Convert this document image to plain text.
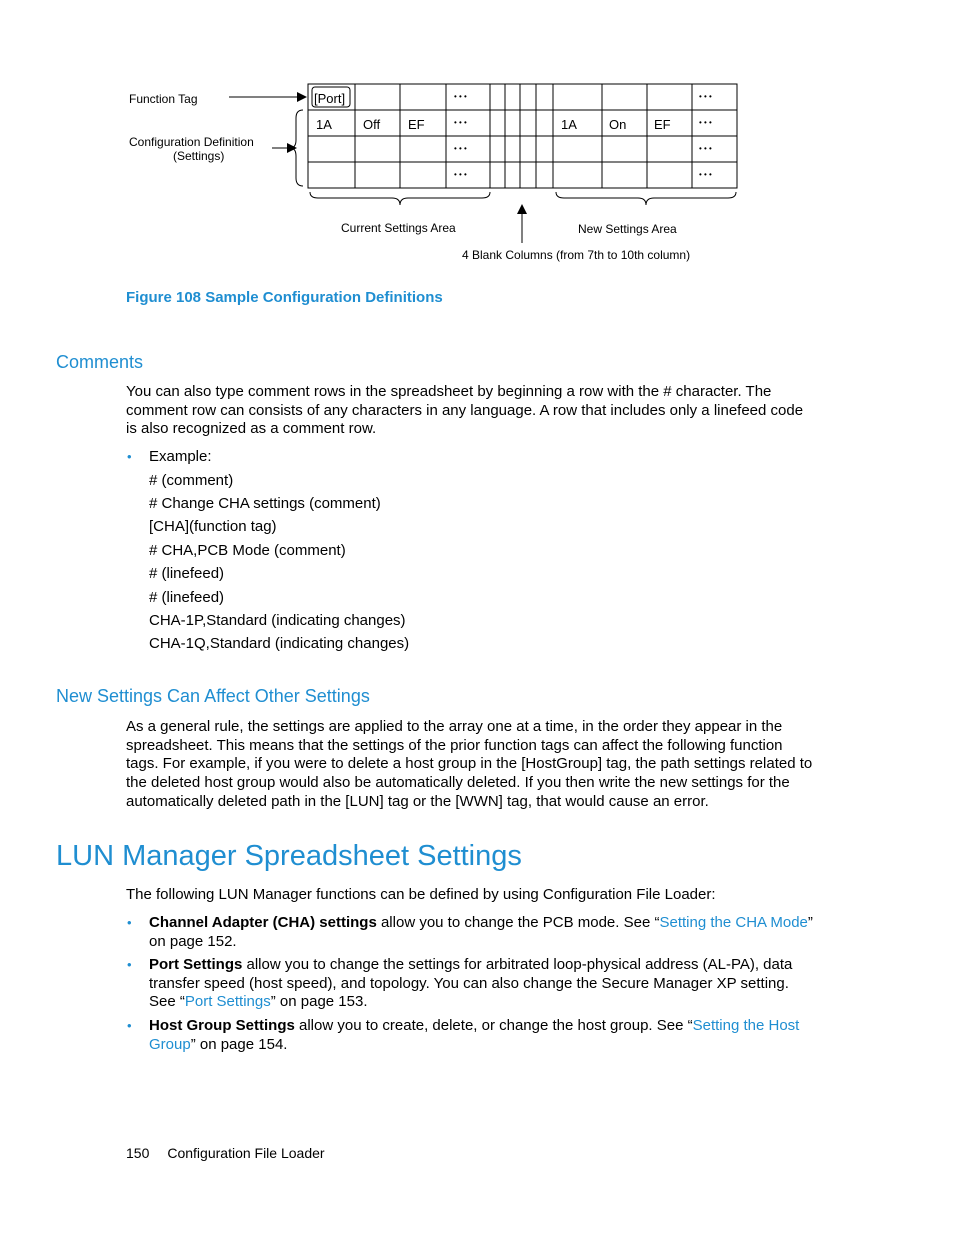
[Port]
1A Off EF	1A On EF
• • •
• • •
• • •
• • •
• • •
• • •
• • •
• • •
Function Tag
Configuration Definition
(Settings)
Current Settings Area	New Settings Area
4 Blank Columns (from 7th to 10th column)
Figure 108 Sample Configuration Definitions
Comments

You can also type comment rows in the spreadsheet by beginning a row with the # character. The comment row can consists of any characters in any language. A row that includes only a linefeed code is also recognized as a comment row.

• Example:
# (comment)
# Change CHA settings (comment)
[CHA](function tag)
# CHA,PCB Mode (comment)
# (linefeed)
# (linefeed)
CHA-1P,Standard (indicating changes)
CHA-1Q,Standard (indicating changes)
New Settings Can Affect Other Settings

As a general rule, the settings are applied to the array one at a time, in the order they appear in the spreadsheet. This means that the settings of the prior function tags can affect the following function tags. For example, if you were to delete a host group in the [HostGroup] tag, the path settings related to the deleted host group would also be automatically deleted. If you then write the new settings for the automatically deleted path in the [LUN] tag or the [WWN] tag, that would cause an error.

LUN Manager Spreadsheet Settings

The following LUN Manager functions can be defined by using Configuration File Loader:

• Channel Adapter (CHA) settings allow you to change the PCB mode. See “Setting the CHA Mode” on page 152.
• Port Settings allow you to change the settings for arbitrated loop-physical address (AL-PA), data transfer speed (host speed), and topology. You can also change the Secure Manager XP setting. See “Port Settings” on page 153.
• Host Group Settings allow you to create, delete, or change the host group. See “Setting the Host Group” on page 154.
150 Configuration File Loader
